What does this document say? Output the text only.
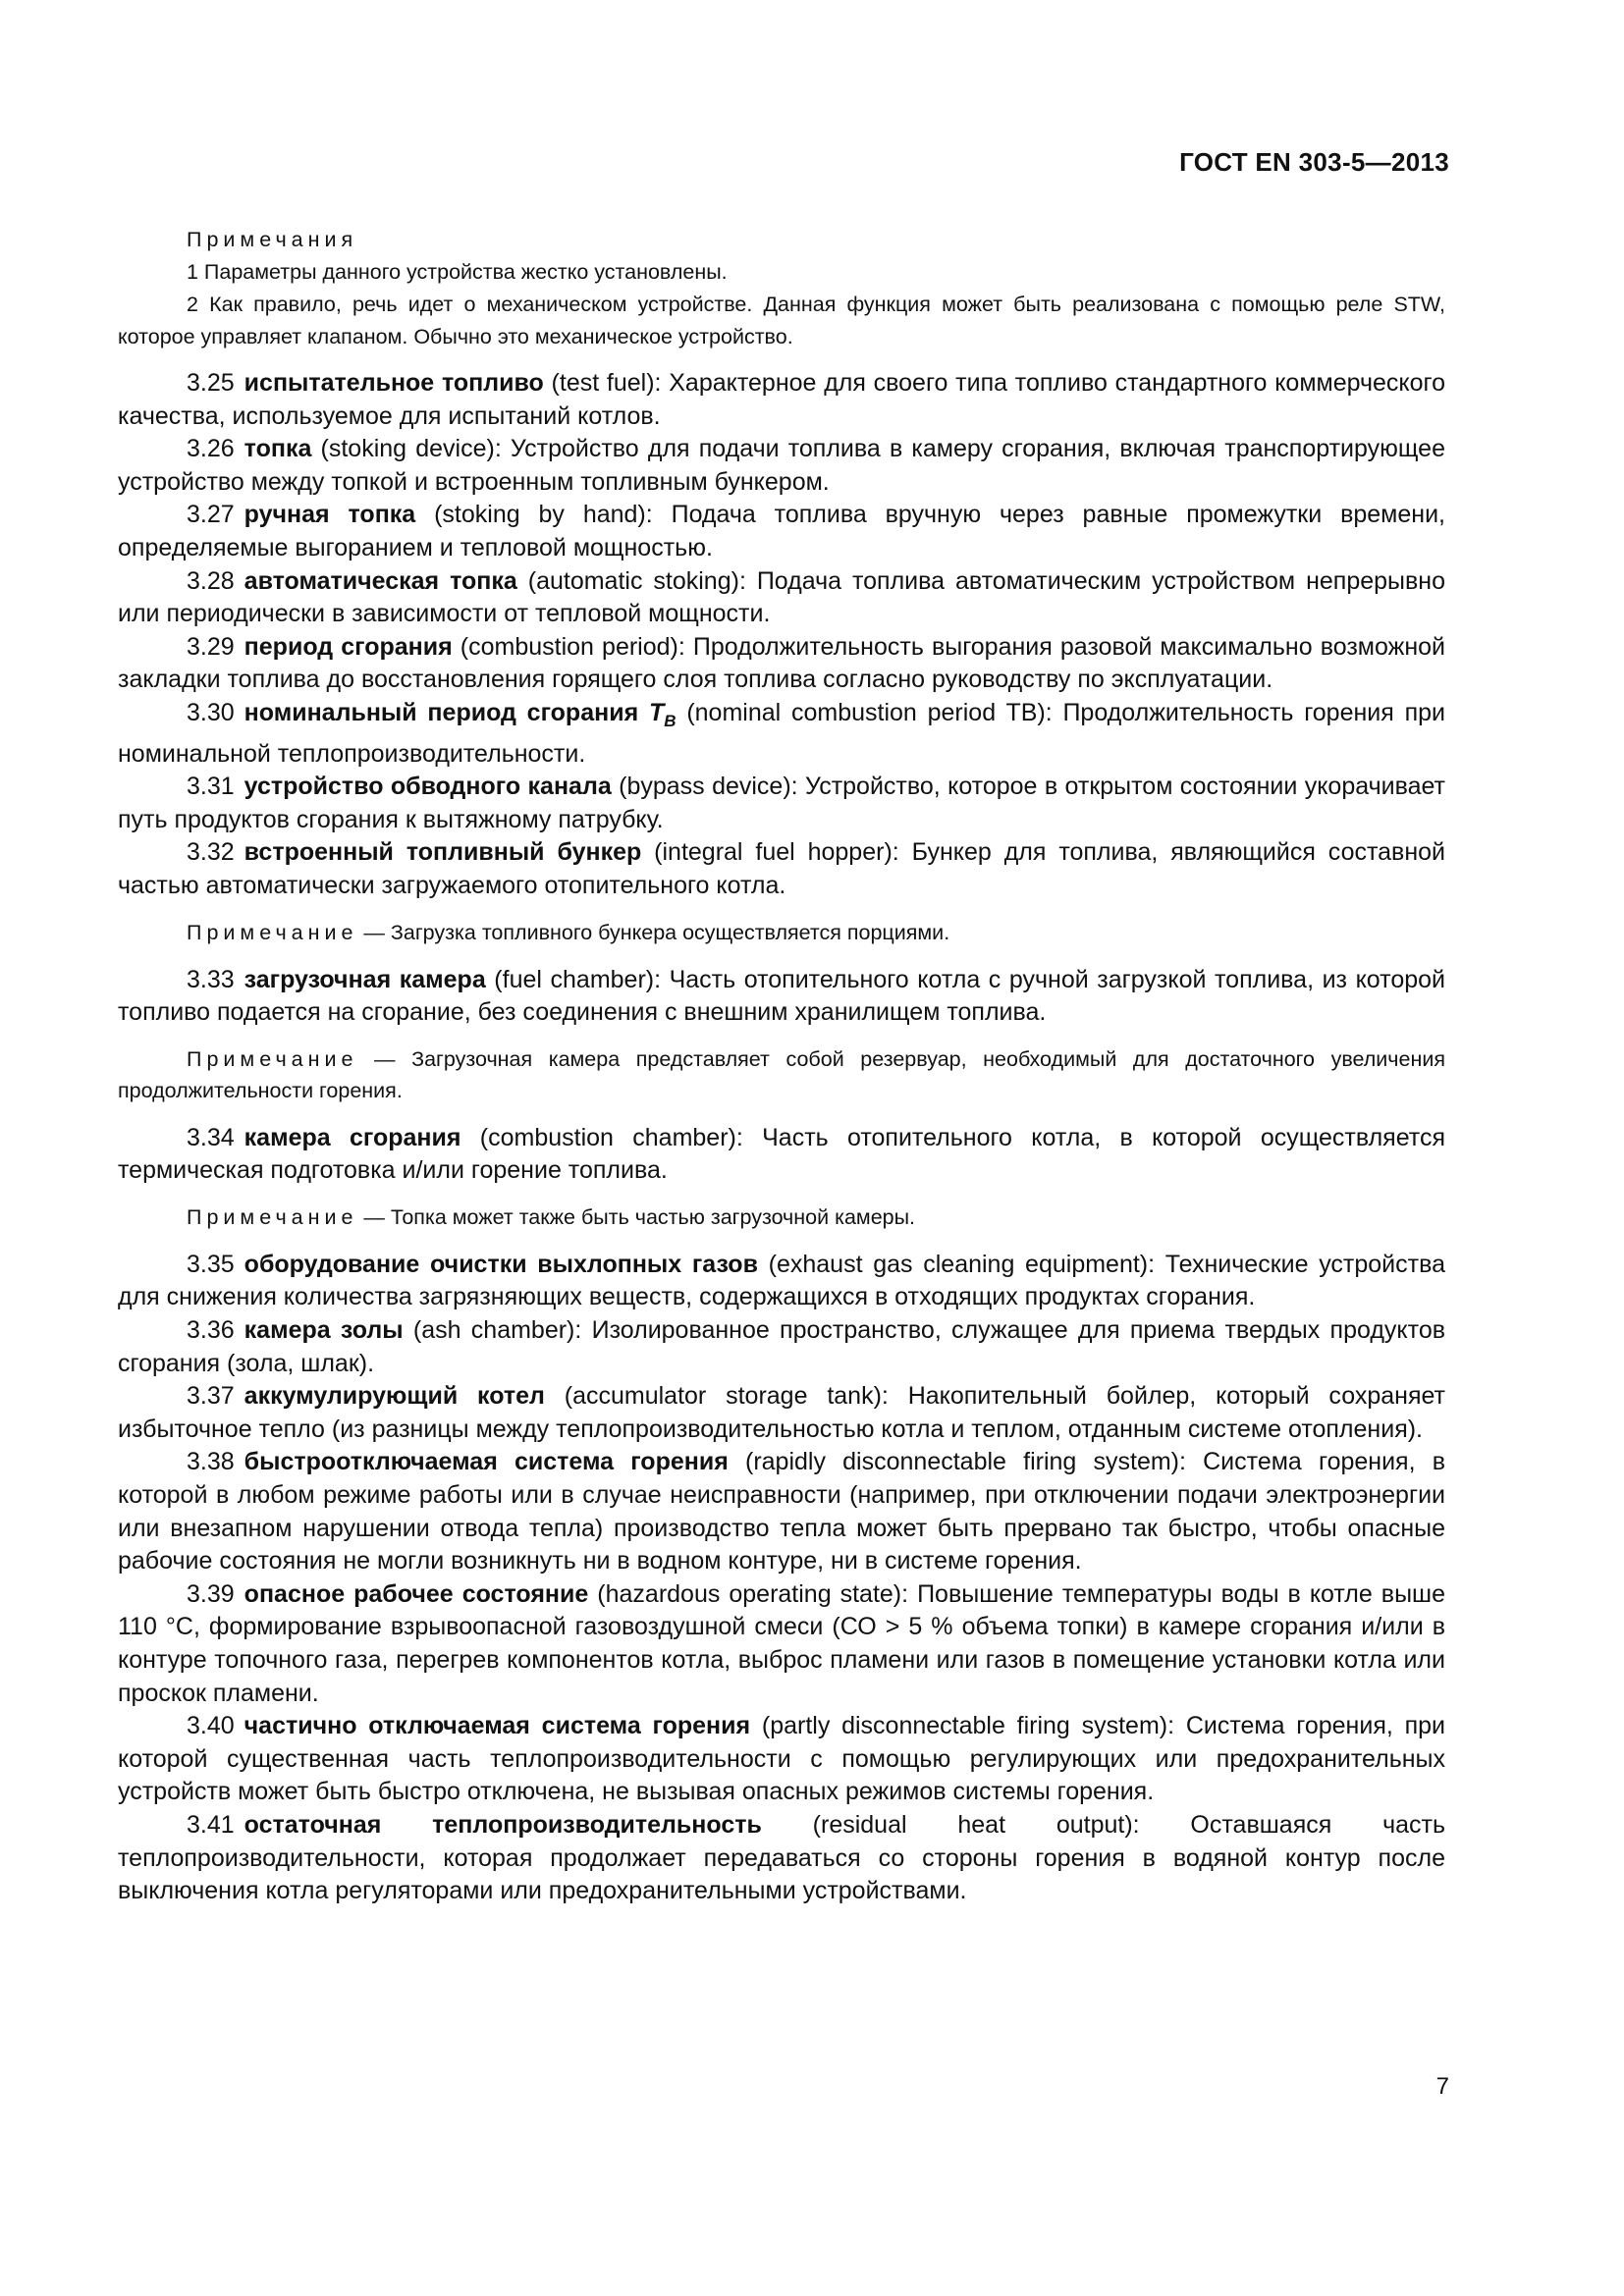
ГОСТ EN 303-5—2013
Примечания
1 Параметры данного устройства жестко установлены.
2 Как правило, речь идет о механическом устройстве. Данная функция может быть реализована с помощью реле STW, которое управляет клапаном. Обычно это механическое устройство.

3.25 испытательное топливо (test fuel): Характерное для своего типа топливо стандартного коммерческого качества, используемое для испытаний котлов.

3.26 топка (stoking device): Устройство для подачи топлива в камеру сгорания, включая транспортирующее устройство между топкой и встроенным топливным бункером.

3.27 ручная топка (stoking by hand): Подача топлива вручную через равные промежутки времени, определяемые выгоранием и тепловой мощностью.

3.28 автоматическая топка (automatic stoking): Подача топлива автоматическим устройством непрерывно или периодически в зависимости от тепловой мощности.

3.29 период сгорания (combustion period): Продолжительность выгорания разовой максимально возможной закладки топлива до восстановления горящего слоя топлива согласно руководству по эксплуатации.

3.30 номинальный период сгорания $T_B$ (nominal combustion period TB): Продолжительность горения при номинальной теплопроизводительности.

3.31 устройство обводного канала (bypass device): Устройство, которое в открытом состоянии укорачивает путь продуктов сгорания к вытяжному патрубку.

3.32 встроенный топливный бункер (integral fuel hopper): Бункер для топлива, являющийся составной частью автоматически загружаемого отопительного котла.

Примечание — Загрузка топливного бункера осуществляется порциями.

3.33 загрузочная камера (fuel chamber): Часть отопительного котла с ручной загрузкой топлива, из которой топливо подается на сгорание, без соединения с внешним хранилищем топлива.

Примечание — Загрузочная камера представляет собой резервуар, необходимый для достаточного увеличения продолжительности горения.

3.34 камера сгорания (combustion chamber): Часть отопительного котла, в которой осуществляется термическая подготовка и/или горение топлива.

Примечание — Топка может также быть частью загрузочной камеры.

3.35 оборудование очистки выхлопных газов (exhaust gas cleaning equipment): Технические устройства для снижения количества загрязняющих веществ, содержащихся в отходящих продуктах сгорания.

3.36 камера золы (ash chamber): Изолированное пространство, служащее для приема твердых продуктов сгорания (зола, шлак).

3.37 аккумулирующий котел (accumulator storage tank): Накопительный бойлер, который сохраняет избыточное тепло (из разницы между теплопроизводительностью котла и теплом, отданным системе отопления).

3.38 быстроотключаемая система горения (rapidly disconnectable firing system): Система горения, в которой в любом режиме работы или в случае неисправности (например, при отключении подачи электроэнергии или внезапном нарушении отвода тепла) производство тепла может быть прервано так быстро, чтобы опасные рабочие состояния не могли возникнуть ни в водном контуре, ни в системе горения.

3.39 опасное рабочее состояние (hazardous operating state): Повышение температуры воды в котле выше 110 °С, формирование взрывоопасной газовоздушной смеси (СО > 5 % объема топки) в камере сгорания и/или в контуре топочного газа, перегрев компонентов котла, выброс пламени или газов в помещение установки котла или проскок пламени.

3.40 частично отключаемая система горения (partly disconnectable firing system): Система горения, при которой существенная часть теплопроизводительности с помощью регулирующих или предохранительных устройств может быть быстро отключена, не вызывая опасных режимов системы горения.

3.41 остаточная теплопроизводительность (residual heat output): Оставшаяся часть теплопроизводительности, которая продолжает передаваться со стороны горения в водяной контур после выключения котла регуляторами или предохранительными устройствами.

7
